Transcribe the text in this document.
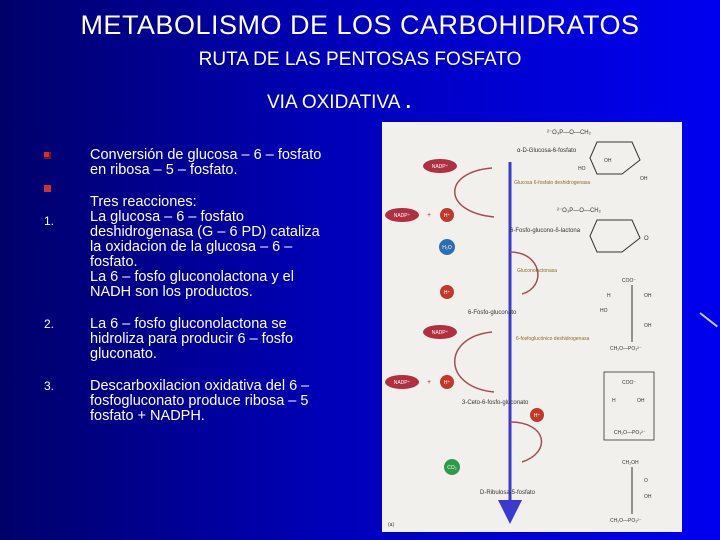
METABOLISMO DE LOS CARBOHIDRATOS
RUTA DE LAS PENTOSAS FOSFATO
VIA OXIDATIVA .

Conversión de glucosa – 6 – fosfato

en ribosa – 5 – fosfato.

1.

Tres reacciones:

La glucosa – 6 – fosfato

deshidrogenasa (G – 6 PD) cataliza

la oxidacion de la glucosa – 6 –

fosfato.

La 6 – fosfo gluconolactona y el

NADH son los productos.

2. La 6 – fosfo gluconolactona se

hidroliza para producir 6 – fosfo

gluconato.

3. Descarboxilacion oxidativa del 6 –

fosfogluconato produce ribosa – 5

fosfato + NADPH.

α-D-Glucosa-6-fosfato
6-Fosfo-glucono-δ-lactona
6-Fosfo-gluconato
3-Ceto-6-fosfo-gluconato
D-Ribulosa-5-fosfato
Glucosa 6-fosfato deshidrogenasa
Gluconolactonasa
6-fosfoglucónico deshidrogenasa
NADP⁺
NADP⁺ +	H⁺
H₂O
H⁺
NADP⁺
NADP⁺ +	H⁺
H⁺
CO₂
²⁻O₃P—O—CH₂
OH
HO
OH
²⁻O₃P—O—CH₂
O
COO⁻
H	OH
HO
OH
CH₂O—PO₃²⁻
COO⁻
H	OH
CH₂O—PO₃²⁻
CH₂OH
O
OH
CH₂O—PO₃²⁻
(a)
